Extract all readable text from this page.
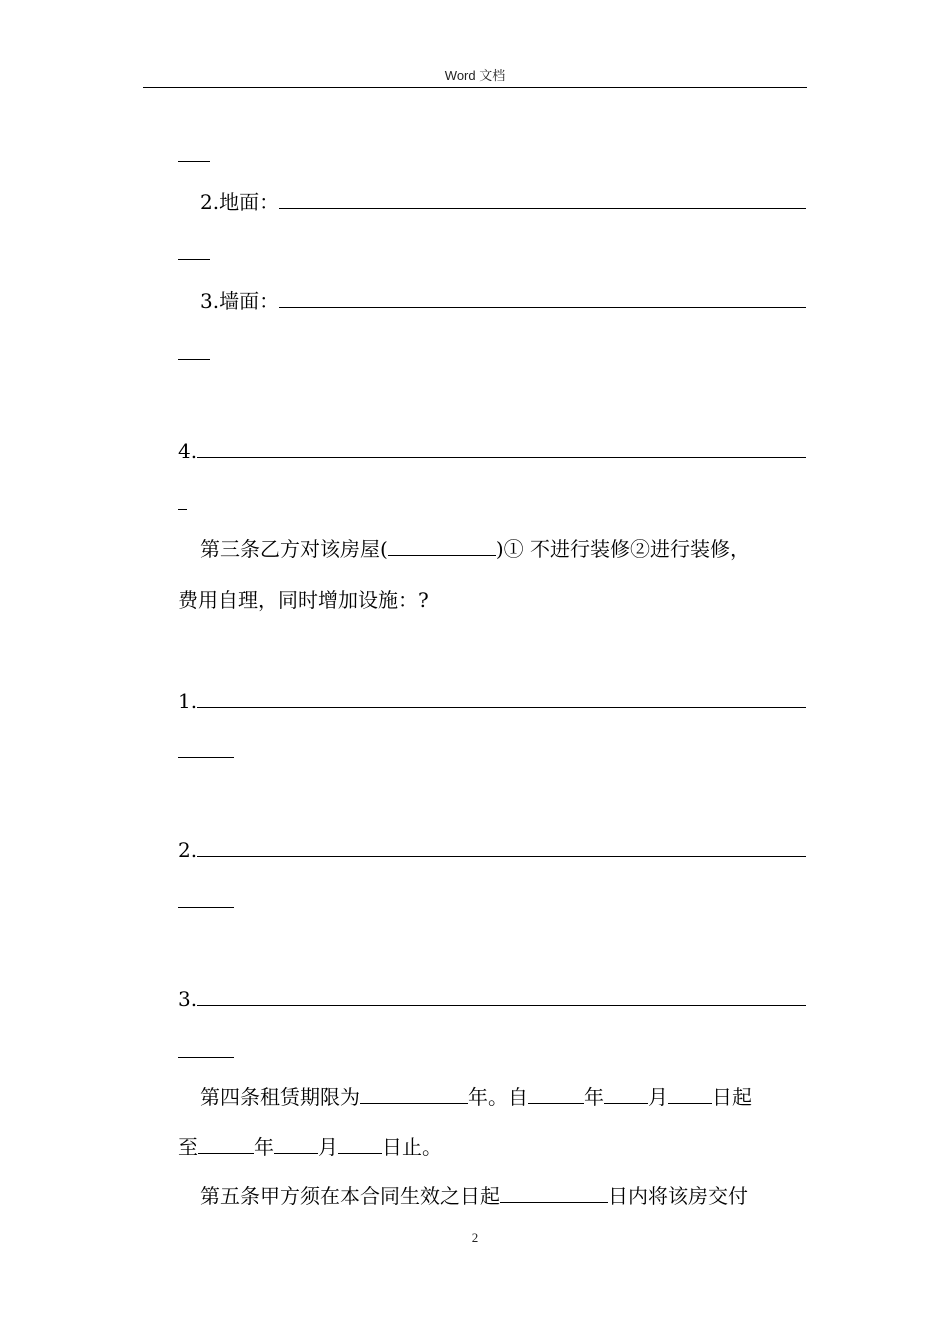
Word 文档
2.地面：
3.墙面：
4.
第三条乙方对该房屋(	)① 不进行装修②进行装修，
费用自理，同时增加设施：?
1.
2.
3.
第四条租赁期限为	年。自	年 月 日起
至	年 月 日止。
第五条甲方须在本合同生效之日起	日内将该房交付
2
